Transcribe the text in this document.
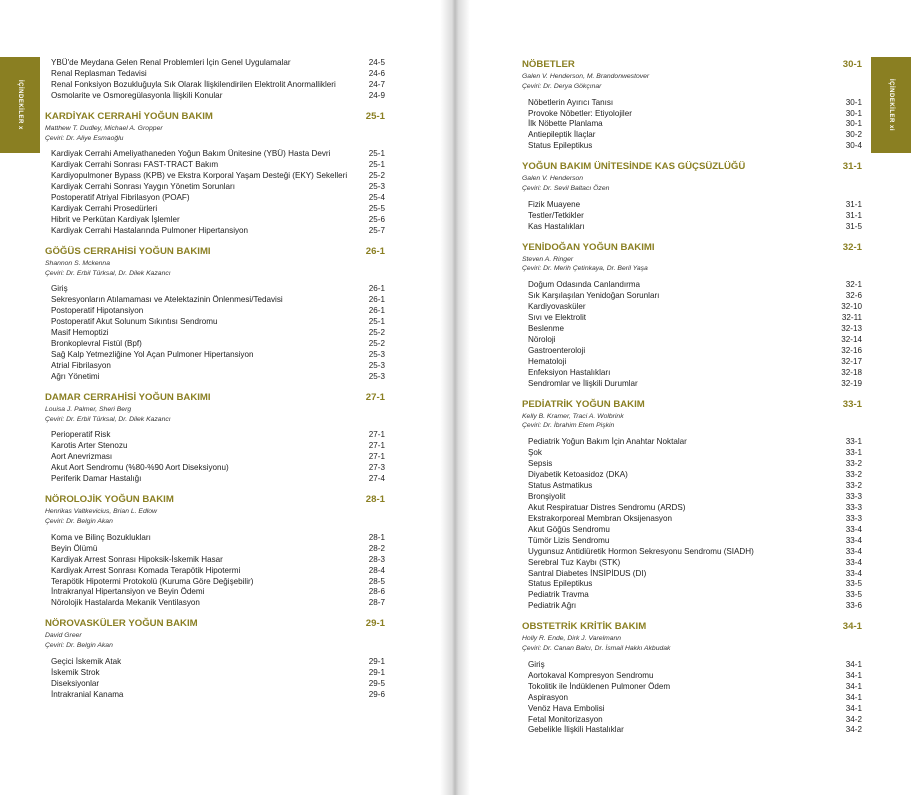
İÇİNDEKİLER x	İÇİNDEKİLER xi
YBÜ'de Meydana Gelen Renal Problemleri İçin Genel Uygulamalar	24-5
Renal Replasman Tedavisi	24-6
Renal Fonksiyon Bozukluğuyla Sık Olarak İlişkilendirilen Elektrolit Anormallikleri	24-7
Osmolarite ve Osmoregülasyonla İlişkili Konular	24-9
KARDİYAK CERRAHİ YOĞUN BAKIM	25-1
Matthew T. Dudley, Michael A. Gropper
Çeviri: Dr. Aliye Esmaoğlu
Kardiyak Cerrahi Ameliyathaneden Yoğun Bakım Ünitesine (YBÜ) Hasta Devri	25-1
Kardiyak Cerrahi Sonrası FAST-TRACT Bakım	25-1
Kardiyopulmoner Bypass (KPB) ve Ekstra Korporal Yaşam Desteği (EKY) Sekelleri	25-2
Kardiyak Cerrahi Sonrası Yaygın Yönetim Sorunları	25-3
Postoperatif Atriyal Fibrilasyon (POAF)	25-4
Kardiyak Cerrahi Prosedürleri	25-5
Hibrit ve Perkütan Kardiyak İşlemler	25-6
Kardiyak Cerrahi Hastalarında Pulmoner Hipertansiyon	25-7
GÖĞÜS CERRAHİSİ YOĞUN BAKIMI	26-1
Shannon S. Mckenna
Çeviri: Dr. Erbil Türksal, Dr. Dilek Kazancı
Giriş	26-1
Sekresyonların Atılamaması ve Atelektazinin Önlenmesi/Tedavisi	26-1
Postoperatif Hipotansiyon	26-1
Postoperatif Akut Solunum Sıkıntısı Sendromu	25-1
Masif Hemoptizi	25-2
Bronkoplevral Fistül (Bpf)	25-2
Sağ Kalp Yetmezliğine Yol Açan Pulmoner Hipertansiyon	25-3
Atrial Fibrilasyon	25-3
Ağrı Yönetimi	25-3
DAMAR CERRAHİSİ YOĞUN BAKIMI	27-1
Louisa J. Palmer, Sheri Berg
Çeviri: Dr. Erbil Türksal, Dr. Dilek Kazancı
Perioperatif Risk	27-1
Karotis Arter Stenozu	27-1
Aort Anevrizması	27-1
Akut Aort Sendromu (%80-%90 Aort Diseksiyonu)	27-3
Periferik Damar Hastalığı	27-4
NÖROLOJİK YOĞUN BAKIM	28-1
Henrikas Valtkevicius, Brian L. Edlow
Çeviri: Dr. Belgin Akan
Koma ve Bilinç Bozuklukları	28-1
Beyin Ölümü	28-2
Kardiyak Arrest Sonrası Hipoksik-İskemik Hasar	28-3
Kardiyak Arrest Sonrası Komada Terapötik Hipotermi	28-4
Terapötik Hipotermi Protokolü (Kuruma Göre Değişebilir)	28-5
İntrakranyal Hipertansiyon ve Beyin Ödemi	28-6
Nörolojik Hastalarda Mekanik Ventilasyon	28-7
NÖROVASKÜLER YOĞUN BAKIM	29-1
David Greer
Çeviri: Dr. Belgin Akan
Geçici İskemik Atak	29-1
İskemik Strok	29-1
Diseksiyonlar	29-5
İntrakranial Kanama	29-6
NÖBETLER	30-1
Galen V. Henderson, M. Brandonwestover
Çeviri: Dr. Derya Gökçınar
Nöbetlerin Ayırıcı Tanısı	30-1
Provoke Nöbetler: Etiyolojiler	30-1
İlk Nöbette Planlama	30-1
Antiepileptik İlaçlar	30-2
Status Epileptikus	30-4
YOĞUN BAKIM ÜNİTESİNDE KAS GÜÇSÜZLÜĞÜ	31-1
Galen V. Henderson
Çeviri: Dr. Sevil Baltacı Özen
Fizik Muayene	31-1
Testler/Tetkikler	31-1
Kas Hastalıkları	31-5
YENİDOĞAN YOĞUN BAKIMI	32-1
Steven A. Ringer
Çeviri: Dr. Merih Çetinkaya, Dr. Beril Yaşa
Doğum Odasında Canlandırma	32-1
Sık Karşılaşılan Yenidoğan Sorunları	32-6
Kardiyovasküler	32-10
Sıvı ve Elektrolit	32-11
Beslenme	32-13
Nöroloji	32-14
Gastroenteroloji	32-16
Hematoloji	32-17
Enfeksiyon Hastalıkları	32-18
Sendromlar ve İlişkili Durumlar	32-19
PEDİATRİK YOĞUN BAKIM	33-1
Kelly B. Kramer, Traci A. Wolbrink
Çeviri: Dr. İbrahim Etem Pişkin
Pediatrik Yoğun Bakım İçin Anahtar Noktalar	33-1
Şok	33-1
Sepsis	33-2
Diyabetik Ketoasidoz (DKA)	33-2
Status Astmatikus	33-2
Bronşiyolit	33-3
Akut Respiratuar Distres Sendromu (ARDS)	33-3
Ekstrakorporeal Membran Oksijenasyon	33-3
Akut Göğüs Sendromu	33-4
Tümör Lizis Sendromu	33-4
Uygunsuz Antidiüretik Hormon Sekresyonu Sendromu (SIADH)	33-4
Serebral Tuz Kaybı (STK)	33-4
Santral Diabetes İNSİPİDUS (DI)	33-4
Status Epileptikus	33-5
Pediatrik Travma	33-5
Pediatrik Ağrı	33-6
OBSTETRİK KRİTİK BAKIM	34-1
Holly R. Ende, Dirk J. Varelmann
Çeviri: Dr. Canan Balcı, Dr. İsmail Hakkı Akbudak
Giriş	34-1
Aortokaval Kompresyon Sendromu	34-1
Tokolitik ile İndüklenen Pulmoner Ödem	34-1
Aspirasyon	34-1
Venöz Hava Embolisi	34-1
Fetal Monitorizasyon	34-2
Gebelikle İlişkili Hastalıklar	34-2
